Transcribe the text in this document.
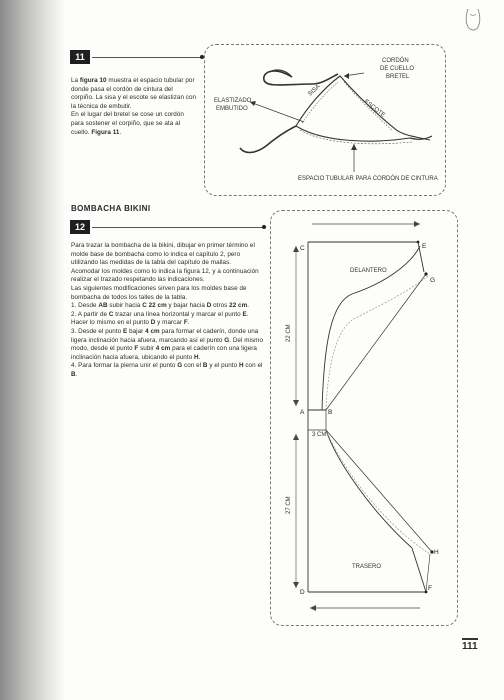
11
La figura 10 muestra el espacio tubular por donde pasa el cordón de cintura del corpiño. La sisa y el escote se elastizan con la técnica de embutir.
En el lugar del bretel se cose un cordón para sostener el corpiño, que se ata al cuello. Figura 11.
CORDÓN
DE CUELLO
BRETEL
SISA
ESCOTE
ELASTIZADO
EMBUTIDO
ESPACIO TUBULAR PARA CORDÓN DE CINTURA
BOMBACHA BIKINI
12
Para trazar la bombacha de la bikini, dibujar en primer término el molde base de bombacha como lo indica el capítulo 2, pero utilizando las medidas de la tabla del capítulo de mallas.
Acomodar los moldes como lo indica la figura 12, y a continuación realizar el trazado respetando las indicaciones.
Las siguientes modificaciones sirven para los moldes base de bombacha de todos los talles de la tabla.
1. Desde AB subir hacia C 22 cm y bajar hacia D otros 22 cm.
2. A partir de C trazar una línea horizontal y marcar el punto E. Hacer lo mismo en el punto D y marcar F.
3. Desde el punto E bajar 4 cm para formar el caderín, donde una ligera inclinación hacia afuera, marcando así el punto G. Del mismo modo, desde el punto F subir 4 cm para el caderín con una ligera inclinación hacia afuera, ubicando el punto H.
4. Para formar la pierna unir el punto G con el B y el punto H con el B.
DELANTERO
TRASERO
22 CM
27 CM
3 CM
C	E
G
A	B
D
H
F
111
